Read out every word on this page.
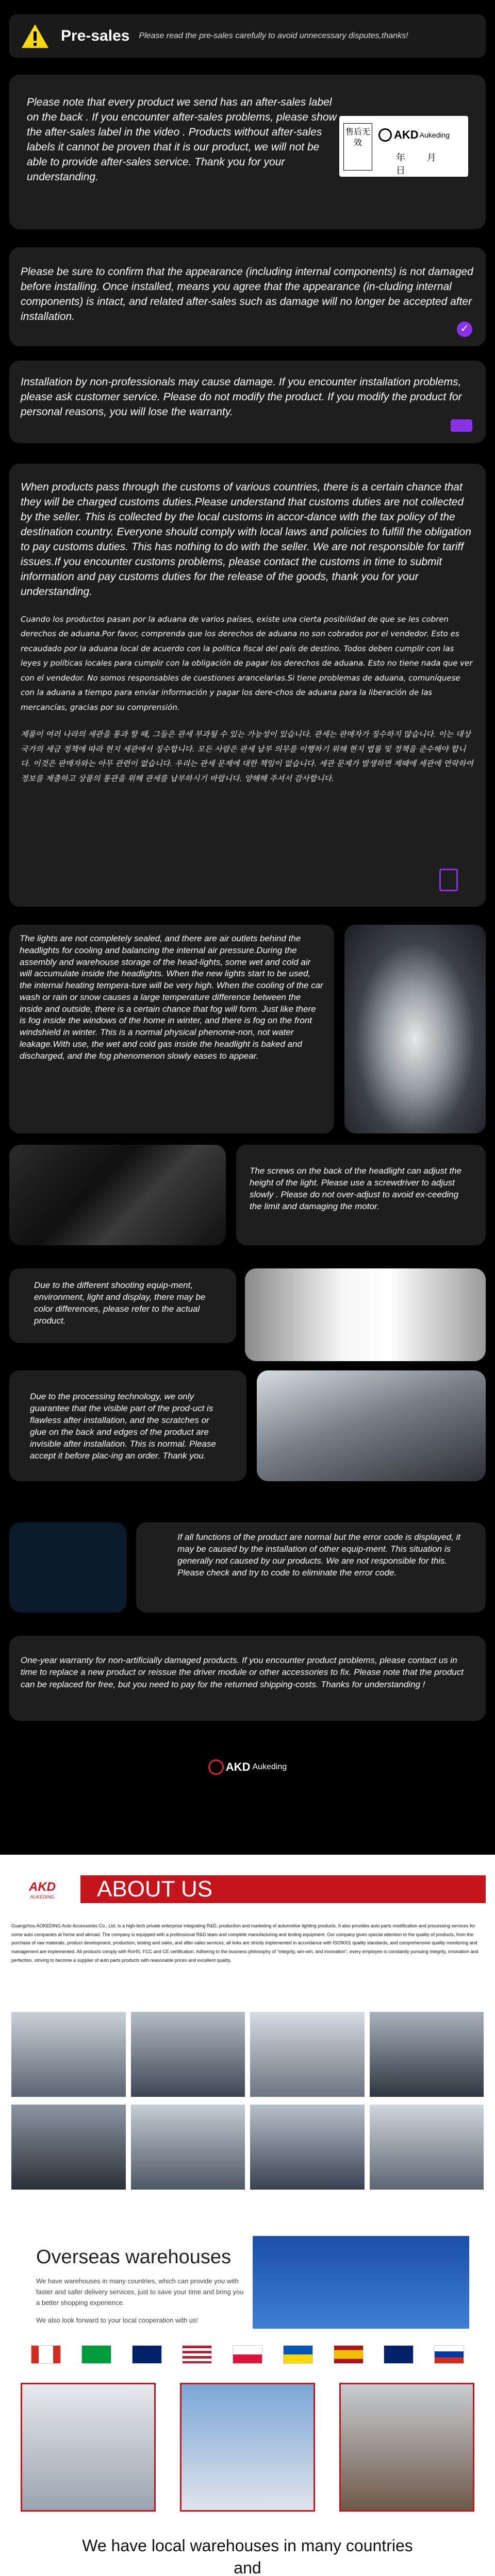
Pre-sales Please read the pre-sales carefully to avoid unnecessary disputes,thanks!

Please note that every product we send has an after-sales label on the back . If you encounter after-sales problems, please show the after-sales label in the video . Products without after-sales labels it cannot be proven that it is our product, we will not be able to provide after-sales service. Thank you for your understanding.

售后无效
AKD Aukeding
年 月 日

Please be sure to confirm that the appearance (including internal components) is not damaged before installing. Once installed, means you agree that the appearance (in-cluding internal components) is intact, and related after-sales such as damage will no longer be accepted after installation.

✓

Installation by non-professionals may cause damage. If you encounter installation problems, please ask customer service. Please do not modify the product. If you modify the product for personal reasons, you will lose the warranty.

When products pass through the customs of various countries, there is a certain chance that they will be charged customs duties.Please understand that customs duties are not collected by the seller. This is collected by the local customs in accor-dance with the tax policy of the destination country. Everyone should comply with local laws and policies to fulfill the obligation to pay customs duties. This has nothing to do with the seller. We are not responsible for tariff issues.If you encounter customs problems, please contact the customs in time to submit information and pay customs duties for the release of the goods, thank you for your understanding.

Cuando los productos pasan por la aduana de varios países, existe una cierta posibilidad de que se les cobren derechos de aduana.Por favor, comprenda que los derechos de aduana no son cobrados por el vendedor. Esto es recaudado por la aduana local de acuerdo con la política fiscal del país de destino. Todos deben cumplir con las leyes y políticas locales para cumplir con la obligación de pagar los derechos de aduana. Esto no tiene nada que ver con el vendedor. No somos responsables de cuestiones arancelarias.Si tiene problemas de aduana, comuníquese con la aduana a tiempo para enviar información y pagar los dere-chos de aduana para la liberación de las mercancías, gracias por su comprensión.

제품이 여러 나라의 세관을 통과 할 때, 그들은 관세 부과될 수 있는 가능성이 있습니다. 관세는 판매자가 징수하지 않습니다. 이는 대상 국가의 세금 정책에 따라 현지 세관에서 징수합니다. 모든 사람은 관세 납부 의무를 이행하기 위해 현지 법률 및 정책을 준수해야 합니다. 이것은 판매자와는 아무 관련이 없습니다. 우리는 관세 문제에 대한 책임이 없습니다. 세관 문제가 발생하면 제때에 세관에 연락하여 정보를 제출하고 상품의 통관을 위해 관세를 납부하시기 바랍니다. 양해해 주셔서 감사합니다.

The lights are not completely sealed, and there are air outlets behind the headlights for cooling and balancing the internal air pressure.During the assembly and warehouse storage of the head-lights, some wet and cold air will accumulate inside the headlights. When the new lights start to be used, the internal heating tempera-ture will be very high. When the cooling of the car wash or rain or snow causes a large temperature difference between the inside and outside, there is a certain chance that fog will form. Just like there is fog inside the windows of the home in winter, and there is fog on the front windshield in winter. This is a normal physical phenome-non, not water leakage.With use, the wet and cold gas inside the headlight is baked and discharged, and the fog phenomenon slowly eases to appear.

The screws on the back of the headlight can adjust the height of the light. Please use a screwdriver to adjust slowly . Please do not over-adjust to avoid ex-ceeding the limit and damaging the motor.

Due to the different shooting equip-ment, environment, light and display, there may be color differences, please refer to the actual product.

Due to the processing technology, we only guarantee that the visible part of the prod-uct is flawless after installation, and the scratches or glue on the back and edges of the product are invisible after installation. This is normal. Please accept it before plac-ing an order. Thank you.

If all functions of the product are normal but the error code is displayed, it may be caused by the installation of other equip-ment. This situation is generally not caused by our products. We are not responsible for this. Please check and try to code to eliminate the error code.

One-year warranty for non-artificially damaged products. If you encounter product problems, please contact us in time to replace a new product or reissue the driver module or other accessories to fix. Please note that the product can be replaced for free, but you need to pay for the returned shipping-costs. Thanks for understanding !

AKD Aukeding
AKD
AUKEDING	ABOUT US

Guangzhou AOKEDING Auto Accessories Co., Ltd. is a high-tech private enterprise integrating R&D, production and marketing of automotive lighting products. It also provides auto parts modification and processing services for some auto companies at home and abroad. The company is equipped with a professional R&D team and complete manufacturing and testing equipment. Our company gives special attention to the quality of products, from the purchase of raw materials, product development, production, testing and sales, and after-sales services, all links are strictly implemented in accordance with ISO9001 quality standards, and comprehensive quality monitoring and management are implemented. All products comply with RoHS, FCC and CE certification. Adhering to the business philosophy of "integrity, win-win, and innovation", every employee is constantly pursuing integrity, innovation and perfection, striving to become a supplier of auto parts products with reasonable prices and excellent quality.

Overseas warehouses

We have warehouses in many countries, which can provide you with faster and safer delivery services, just to save your time and bring you a better shopping experience.

We also look forward to your local cooperation with us!

We have local warehouses in many countries
and
